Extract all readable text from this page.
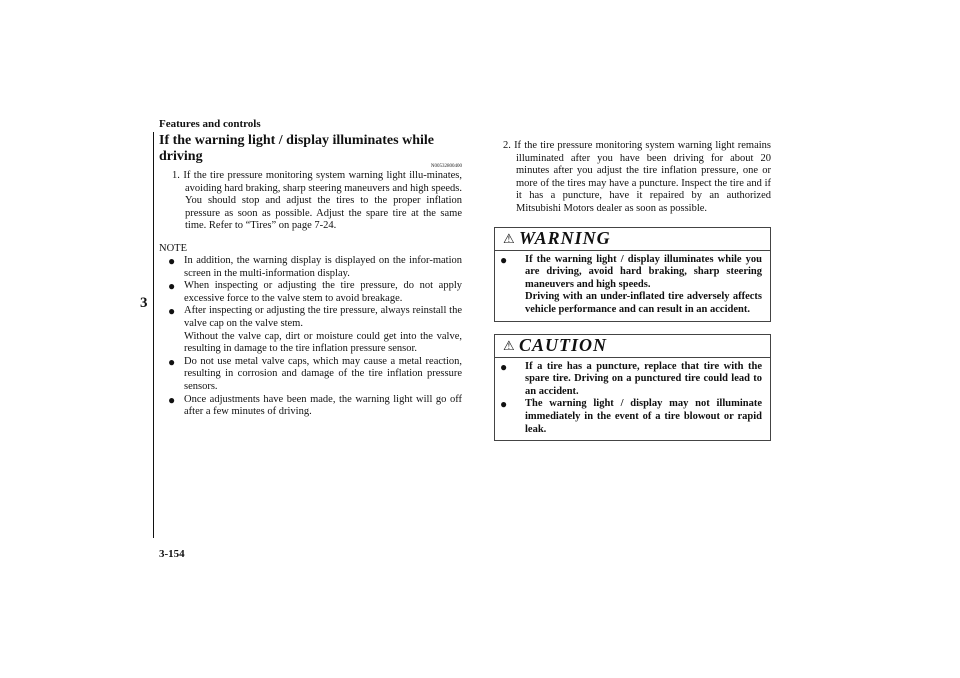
Features and controls
3
3-154
If the warning light / display illuminates while driving
N00532800400

1. If the tire pressure monitoring system warning light illu-minates, avoiding hard braking, sharp steering maneuvers and high speeds. You should stop and adjust the tires to the proper inflation pressure as soon as possible. Adjust the spare tire at the same time. Refer to “Tires” on page 7-24.

NOTE
● In addition, the warning display is displayed on the infor-mation screen in the multi-information display.
● When inspecting or adjusting the tire pressure, do not apply excessive force to the valve stem to avoid breakage.
● After inspecting or adjusting the tire pressure, always reinstall the valve cap on the valve stem.
Without the valve cap, dirt or moisture could get into the valve, resulting in damage to the tire inflation pressure sensor.
● Do not use metal valve caps, which may cause a metal reaction, resulting in corrosion and damage of the tire inflation pressure sensors.
● Once adjustments have been made, the warning light will go off after a few minutes of driving.

2. If the tire pressure monitoring system warning light remains illuminated after you have been driving for about 20 minutes after you adjust the tire inflation pressure, one or more of the tires may have a puncture. Inspect the tire and if it has a puncture, have it repaired by an authorized Mitsubishi Motors dealer as soon as possible.

⚠ WARNING
● If the warning light / display illuminates while you are driving, avoid hard braking, sharp steering maneuvers and high speeds.
Driving with an under-inflated tire adversely affects vehicle performance and can result in an accident.
⚠ CAUTION
● If a tire has a puncture, replace that tire with the spare tire. Driving on a punctured tire could lead to an accident.
● The warning light / display may not illuminate immediately in the event of a tire blowout or rapid leak.
